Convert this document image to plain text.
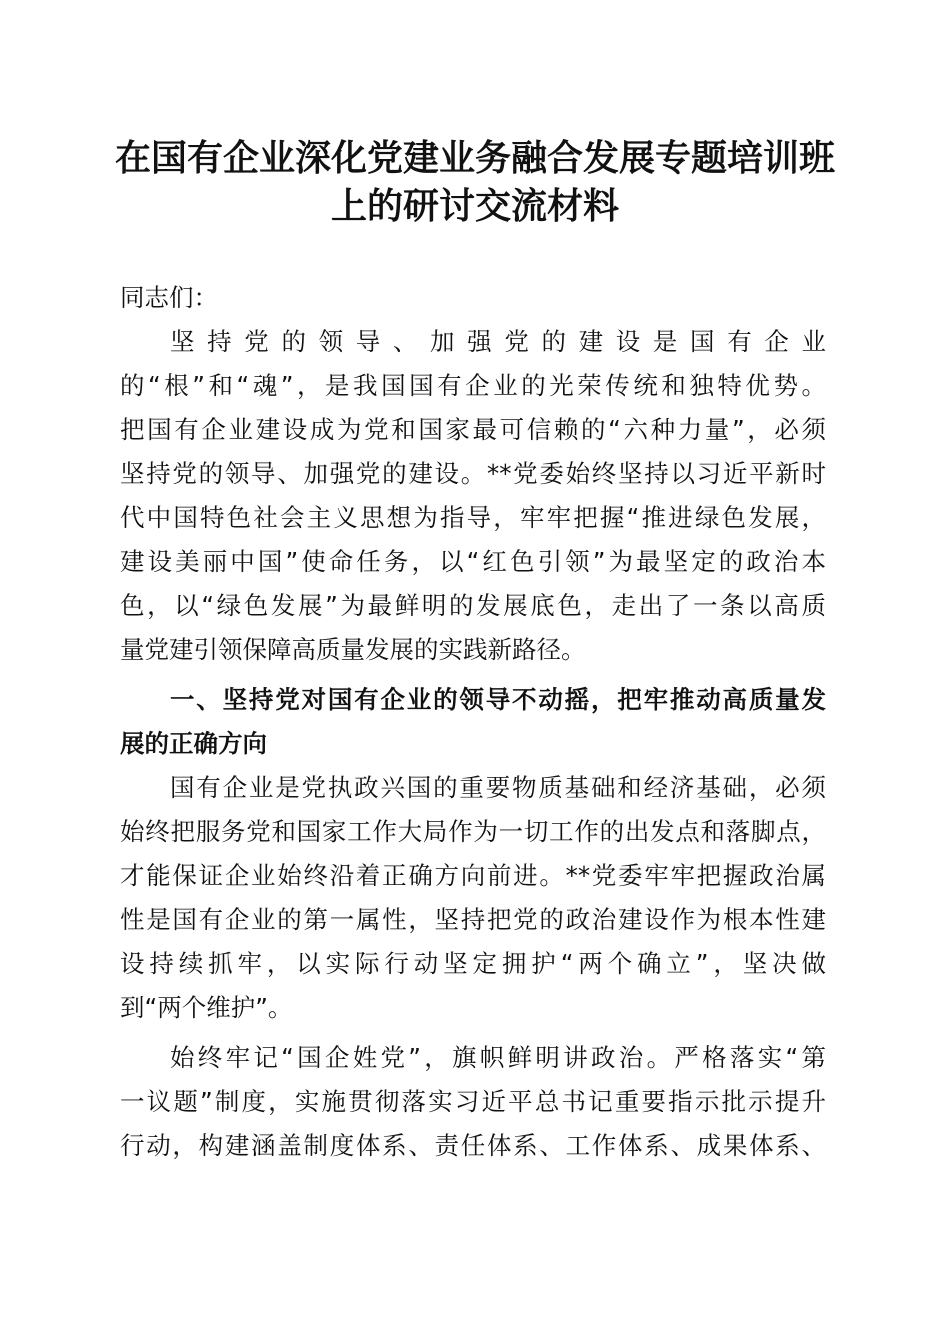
在国有企业深化党建业务融合发展专题培训班
上的研讨交流材料
同志们：
坚持党的领导、加强党的建设是国有企业
的“根”和“魂”，是我国国有企业的光荣传统和独特优势。
把国有企业建设成为党和国家最可信赖的“六种力量”，必须
坚持党的领导、加强党的建设。**党委始终坚持以习近平新时
代中国特色社会主义思想为指导，牢牢把握“推进绿色发展，
建设美丽中国”使命任务，以“红色引领”为最坚定的政治本
色，以“绿色发展”为最鲜明的发展底色，走出了一条以高质
量党建引领保障高质量发展的实践新路径。
一、坚持党对国有企业的领导不动摇，把牢推动高质量发
展的正确方向
国有企业是党执政兴国的重要物质基础和经济基础，必须
始终把服务党和国家工作大局作为一切工作的出发点和落脚点，
才能保证企业始终沿着正确方向前进。**党委牢牢把握政治属
性是国有企业的第一属性，坚持把党的政治建设作为根本性建
设持续抓牢，以实际行动坚定拥护“两个确立”，坚决做
到“两个维护”。
始终牢记“国企姓党”，旗帜鲜明讲政治。严格落实“第
一议题”制度，实施贯彻落实习近平总书记重要指示批示提升
行动，构建涵盖制度体系、责任体系、工作体系、成果体系、
